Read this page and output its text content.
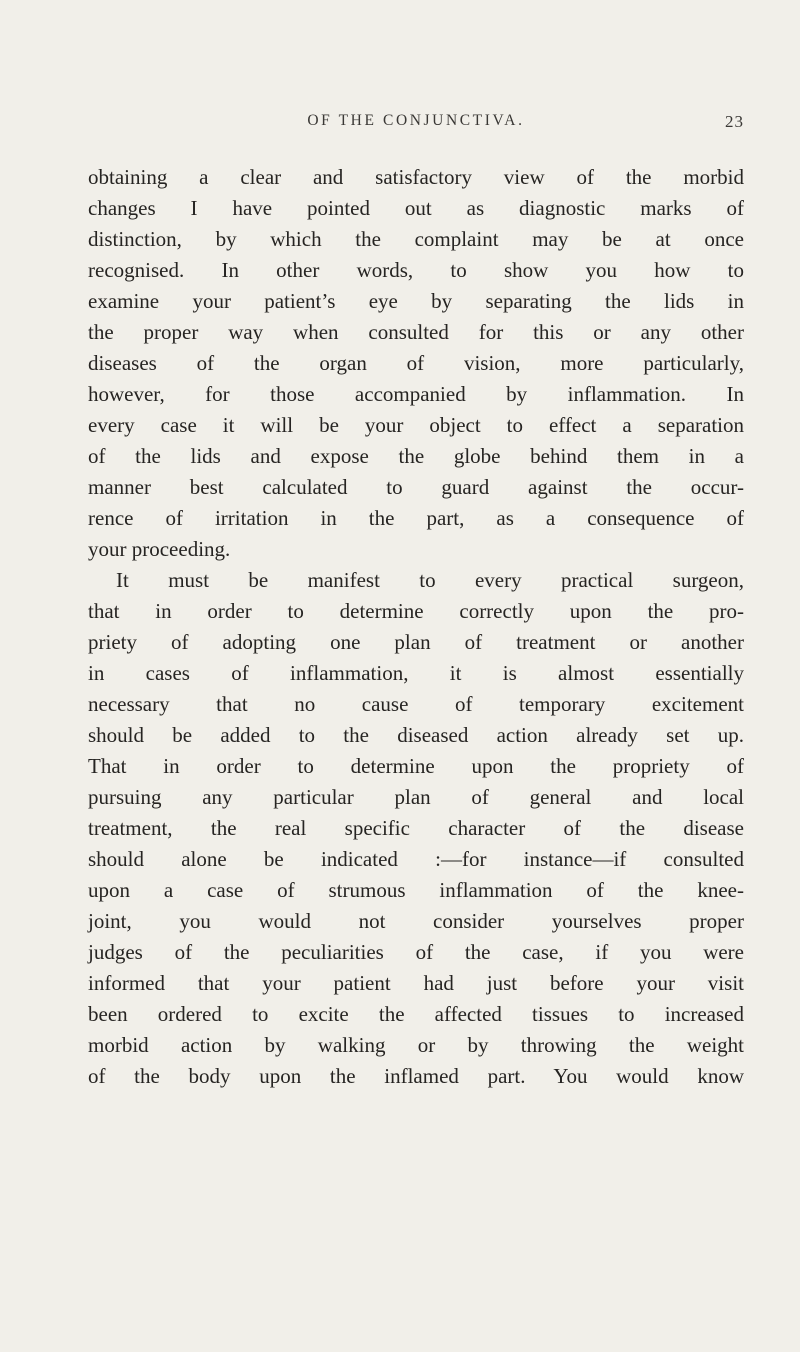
OF THE CONJUNCTIVA.	23
obtaining a clear and satisfactory view of the morbid
changes I have pointed out as diagnostic marks of
distinction, by which the complaint may be at once
recognised. In other words, to show you how to
examine your patient’s eye by separating the lids in
the proper way when consulted for this or any other
diseases of the organ of vision, more particularly,
however, for those accompanied by inflammation. In
every case it will be your object to effect a separation
of the lids and expose the globe behind them in a
manner best calculated to guard against the occur-
rence of irritation in the part, as a consequence of
your proceeding.
It must be manifest to every practical surgeon,
that in order to determine correctly upon the pro-
priety of adopting one plan of treatment or another
in cases of inflammation, it is almost essentially
necessary that no cause of temporary excitement
should be added to the diseased action already set up.
That in order to determine upon the propriety of
pursuing any particular plan of general and local
treatment, the real specific character of the disease
should alone be indicated :—for instance—if consulted
upon a case of strumous inflammation of the knee-
joint, you would not consider yourselves proper
judges of the peculiarities of the case, if you were
informed that your patient had just before your visit
been ordered to excite the affected tissues to increased
morbid action by walking or by throwing the weight
of the body upon the inflamed part. You would know
